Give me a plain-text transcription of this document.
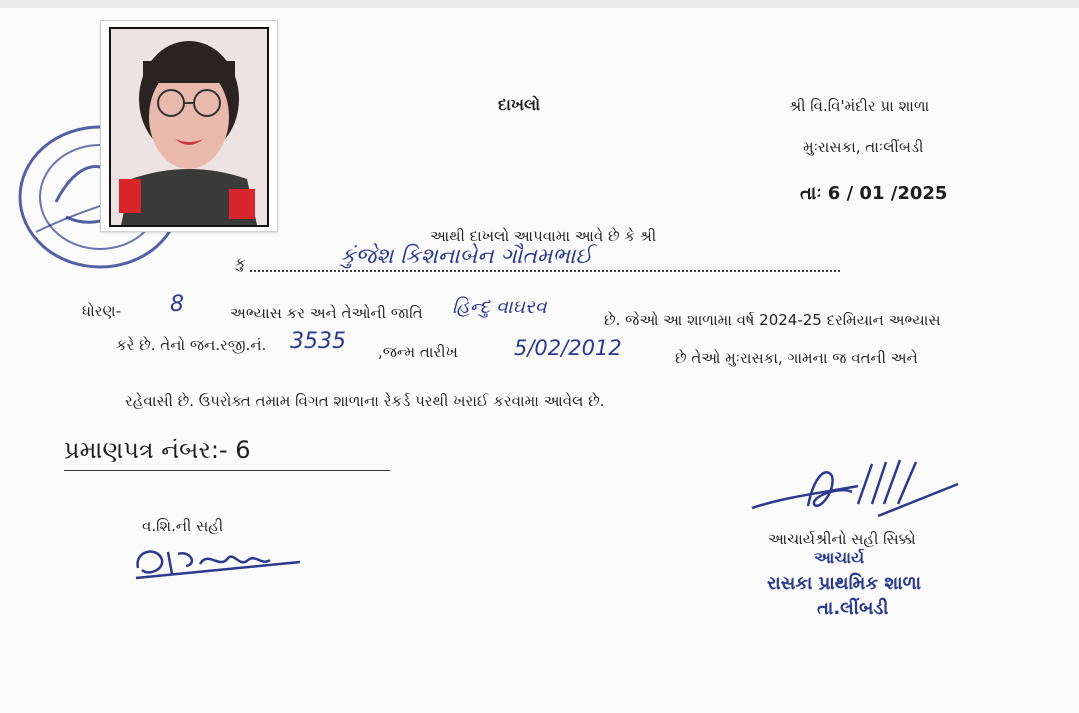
દાખલો	શ્રી વિ.વિ'મંદીર પ્રા શાળા
મુઃરાસકા, તાઃલીંબડી
તાઃ 6 / 01 /2025
આથી દાખલો આપવામા આવે છે કે શ્રી
કુ	કુંજેશ કિશનાબેન ગૌતમભાઈ
ધોરણ- 8	અભ્યાસ કર અને તેઓની જાતિ હિન્દુ વાઘરવ
છે. જેઓ આ શાળામા વર્ષ 2024-25 દરમિયાન અભ્યાસ
કરે છે. તેનો જન.રજી.નં. 3535 ,જન્મ તારીખ	5/02/2012	છે તેઓ મુઃરાસકા, ગામના જ વતની અને
રહેવાસી છે. ઉપરોક્ત તમામ વિગત શાળાના રેકર્ડ પરથી ખરાઈ કરવામા આવેલ છે.
પ્રમાણપત્ર નંબર:- 6
વ.શિ.ની સહી
આચાર્યશ્રીનો સહી સિક્કો
આચાર્ય
રાસકા પ્રાથમિક શાળા
તા.લીંબડી
